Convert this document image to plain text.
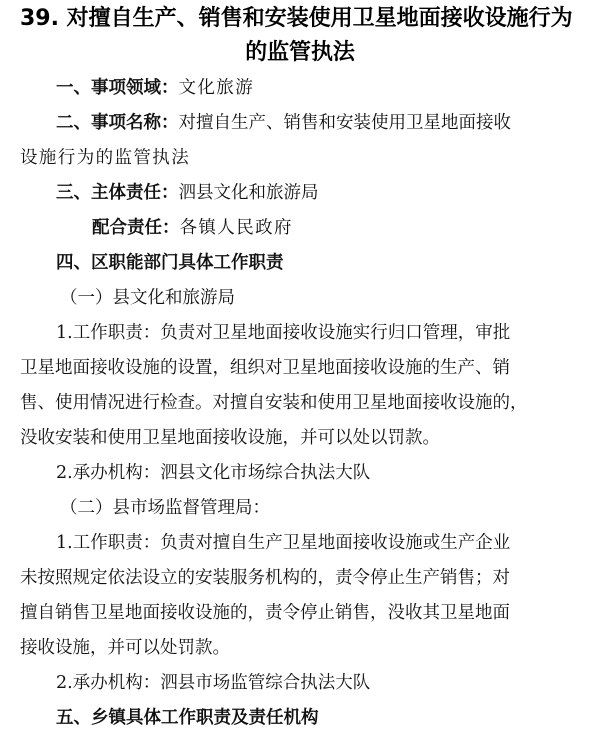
39. 对擅自生产、销售和安装使用卫星地面接收设施行为
的监管执法
一、事项领域：文化旅游
二、事项名称：对擅自生产、销售和安装使用卫星地面接收
设施行为的监管执法
三、主体责任：泗县文化和旅游局
配合责任：各镇人民政府
四、区职能部门具体工作职责
（一）县文化和旅游局
1.工作职责：负责对卫星地面接收设施实行归口管理，审批
卫星地面接收设施的设置，组织对卫星地面接收设施的生产、销
售、使用情况进行检查。对擅自安装和使用卫星地面接收设施的，
没收安装和使用卫星地面接收设施，并可以处以罚款。
2.承办机构：泗县文化市场综合执法大队
（二）县市场监督管理局：
1.工作职责：负责对擅自生产卫星地面接收设施或生产企业
未按照规定依法设立的安装服务机构的，责令停止生产销售；对
擅自销售卫星地面接收设施的，责令停止销售，没收其卫星地面
接收设施，并可以处罚款。
2.承办机构：泗县市场监管综合执法大队
五、乡镇具体工作职责及责任机构
